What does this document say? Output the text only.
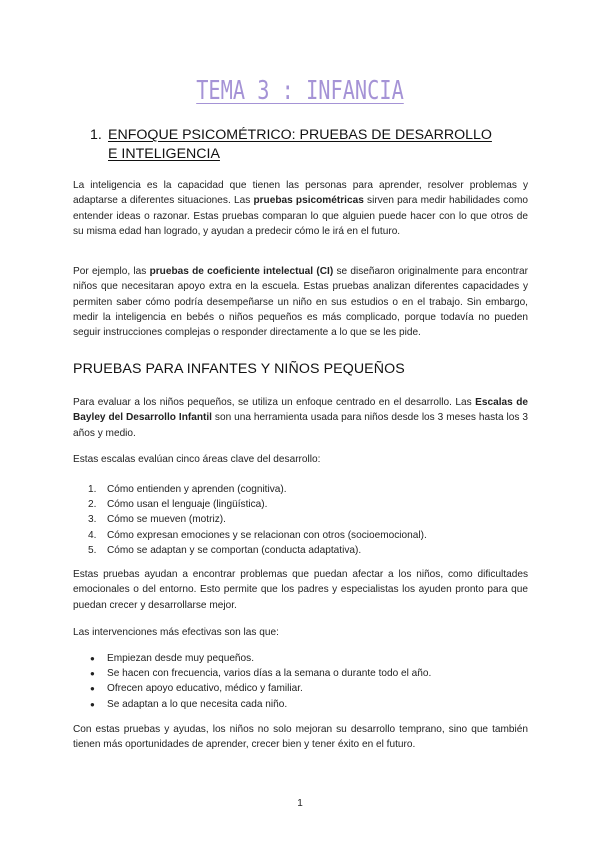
TEMA 3 : INFANCIA
1. ENFOQUE PSICOMÉTRICO: PRUEBAS DE DESARROLLO
E INTELIGENCIA

La inteligencia es la capacidad que tienen las personas para aprender, resolver problemas y adaptarse a diferentes situaciones. Las pruebas psicométricas sirven para medir habilidades como entender ideas o razonar. Estas pruebas comparan lo que alguien puede hacer con lo que otros de su misma edad han logrado, y ayudan a predecir cómo le irá en el futuro.

Por ejemplo, las pruebas de coeficiente intelectual (CI) se diseñaron originalmente para encontrar niños que necesitaran apoyo extra en la escuela. Estas pruebas analizan diferentes capacidades y permiten saber cómo podría desempeñarse un niño en sus estudios o en el trabajo. Sin embargo, medir la inteligencia en bebés o niños pequeños es más complicado, porque todavía no pueden seguir instrucciones complejas o responder directamente a lo que se les pide.

PRUEBAS PARA INFANTES Y NIÑOS PEQUEÑOS

Para evaluar a los niños pequeños, se utiliza un enfoque centrado en el desarrollo. Las Escalas de Bayley del Desarrollo Infantil son una herramienta usada para niños desde los 3 meses hasta los 3 años y medio.

Estas escalas evalúan cinco áreas clave del desarrollo:

1. Cómo entienden y aprenden (cognitiva).
2. Cómo usan el lenguaje (lingüística).
3. Cómo se mueven (motriz).
4. Cómo expresan emociones y se relacionan con otros (socioemocional).
5. Cómo se adaptan y se comportan (conducta adaptativa).

Estas pruebas ayudan a encontrar problemas que puedan afectar a los niños, como dificultades emocionales o del entorno. Esto permite que los padres y especialistas los ayuden pronto para que puedan crecer y desarrollarse mejor.

Las intervenciones más efectivas son las que:

● Empiezan desde muy pequeños.
● Se hacen con frecuencia, varios días a la semana o durante todo el año.
● Ofrecen apoyo educativo, médico y familiar.
● Se adaptan a lo que necesita cada niño.

Con estas pruebas y ayudas, los niños no solo mejoran su desarrollo temprano, sino que también tienen más oportunidades de aprender, crecer bien y tener éxito en el futuro.

1
